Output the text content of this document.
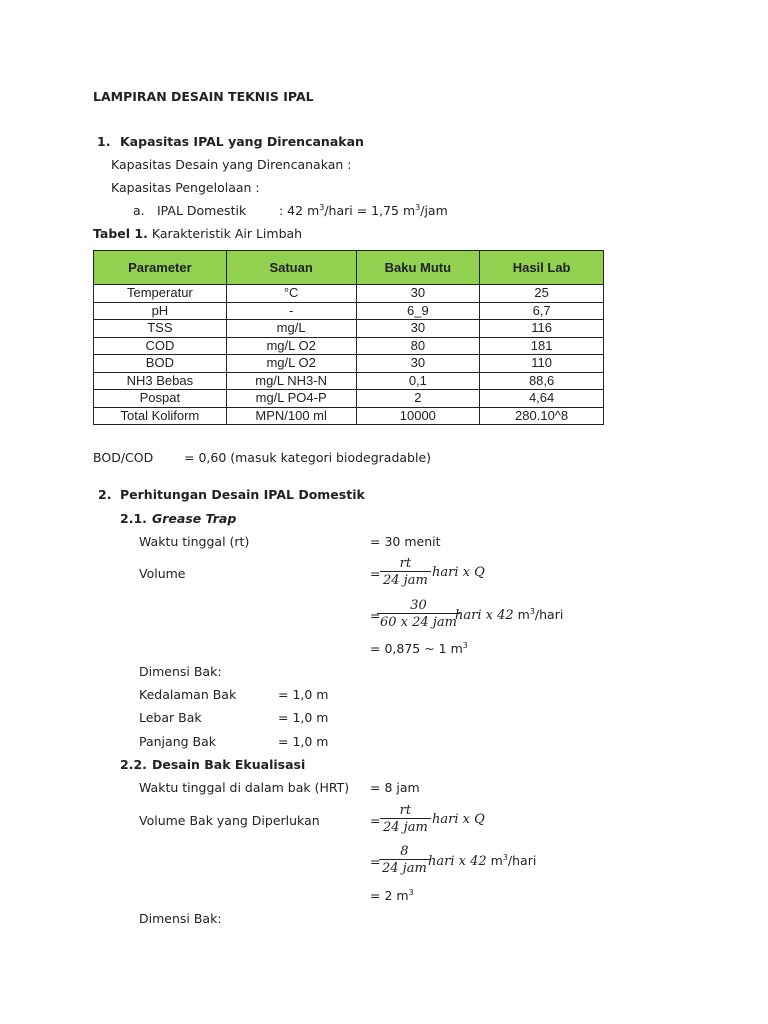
LAMPIRAN DESAIN TEKNIS IPAL
1. Kapasitas IPAL yang Direncanakan
Kapasitas Desain yang Direncanakan :
Kapasitas Pengelolaan :
a. IPAL Domestik	: 42 $m^3$/hari = 1,75 $m^3$/jam
Tabel 1. Karakteristik Air Limbah
Parameter	Satuan	Baku Mutu	Hasil Lab
Temperatur	°C	30	25
pH	-	6_9	6,7
TSS	mg/L	30	116
COD	mg/L O2	80	181
BOD	mg/L O2	30	110
NH3 Bebas	mg/L NH3-N	0,1	88,6
Pospat	mg/L PO4-P	2	4,64
Total Koliform	MPN/100 ml	10000	280.10^8
BOD/COD = 0,60 (masuk kategori biodegradable)
2. Perhitungan Desain IPAL Domestik
2.1. Grease Trap
Waktu tinggal (rt)	= 30 menit
Volume	=
rt
24 jam
hari x Q
=
30
60 x 24 jam
hari x 42 $m^3$/hari
= 0,875 ~ 1 $m^3$
Dimensi Bak:
Kedalaman Bak	= 1,0 m
Lebar Bak	= 1,0 m
Panjang Bak	= 1,0 m
2.2. Desain Bak Ekualisasi
Waktu tinggal di dalam bak (HRT) = 8 jam
Volume Bak yang Diperlukan	=
rt
24 jam
hari x Q
=
8
24 jam hari x 42 $m^3$/hari
= 2 $m^3$
Dimensi Bak:
